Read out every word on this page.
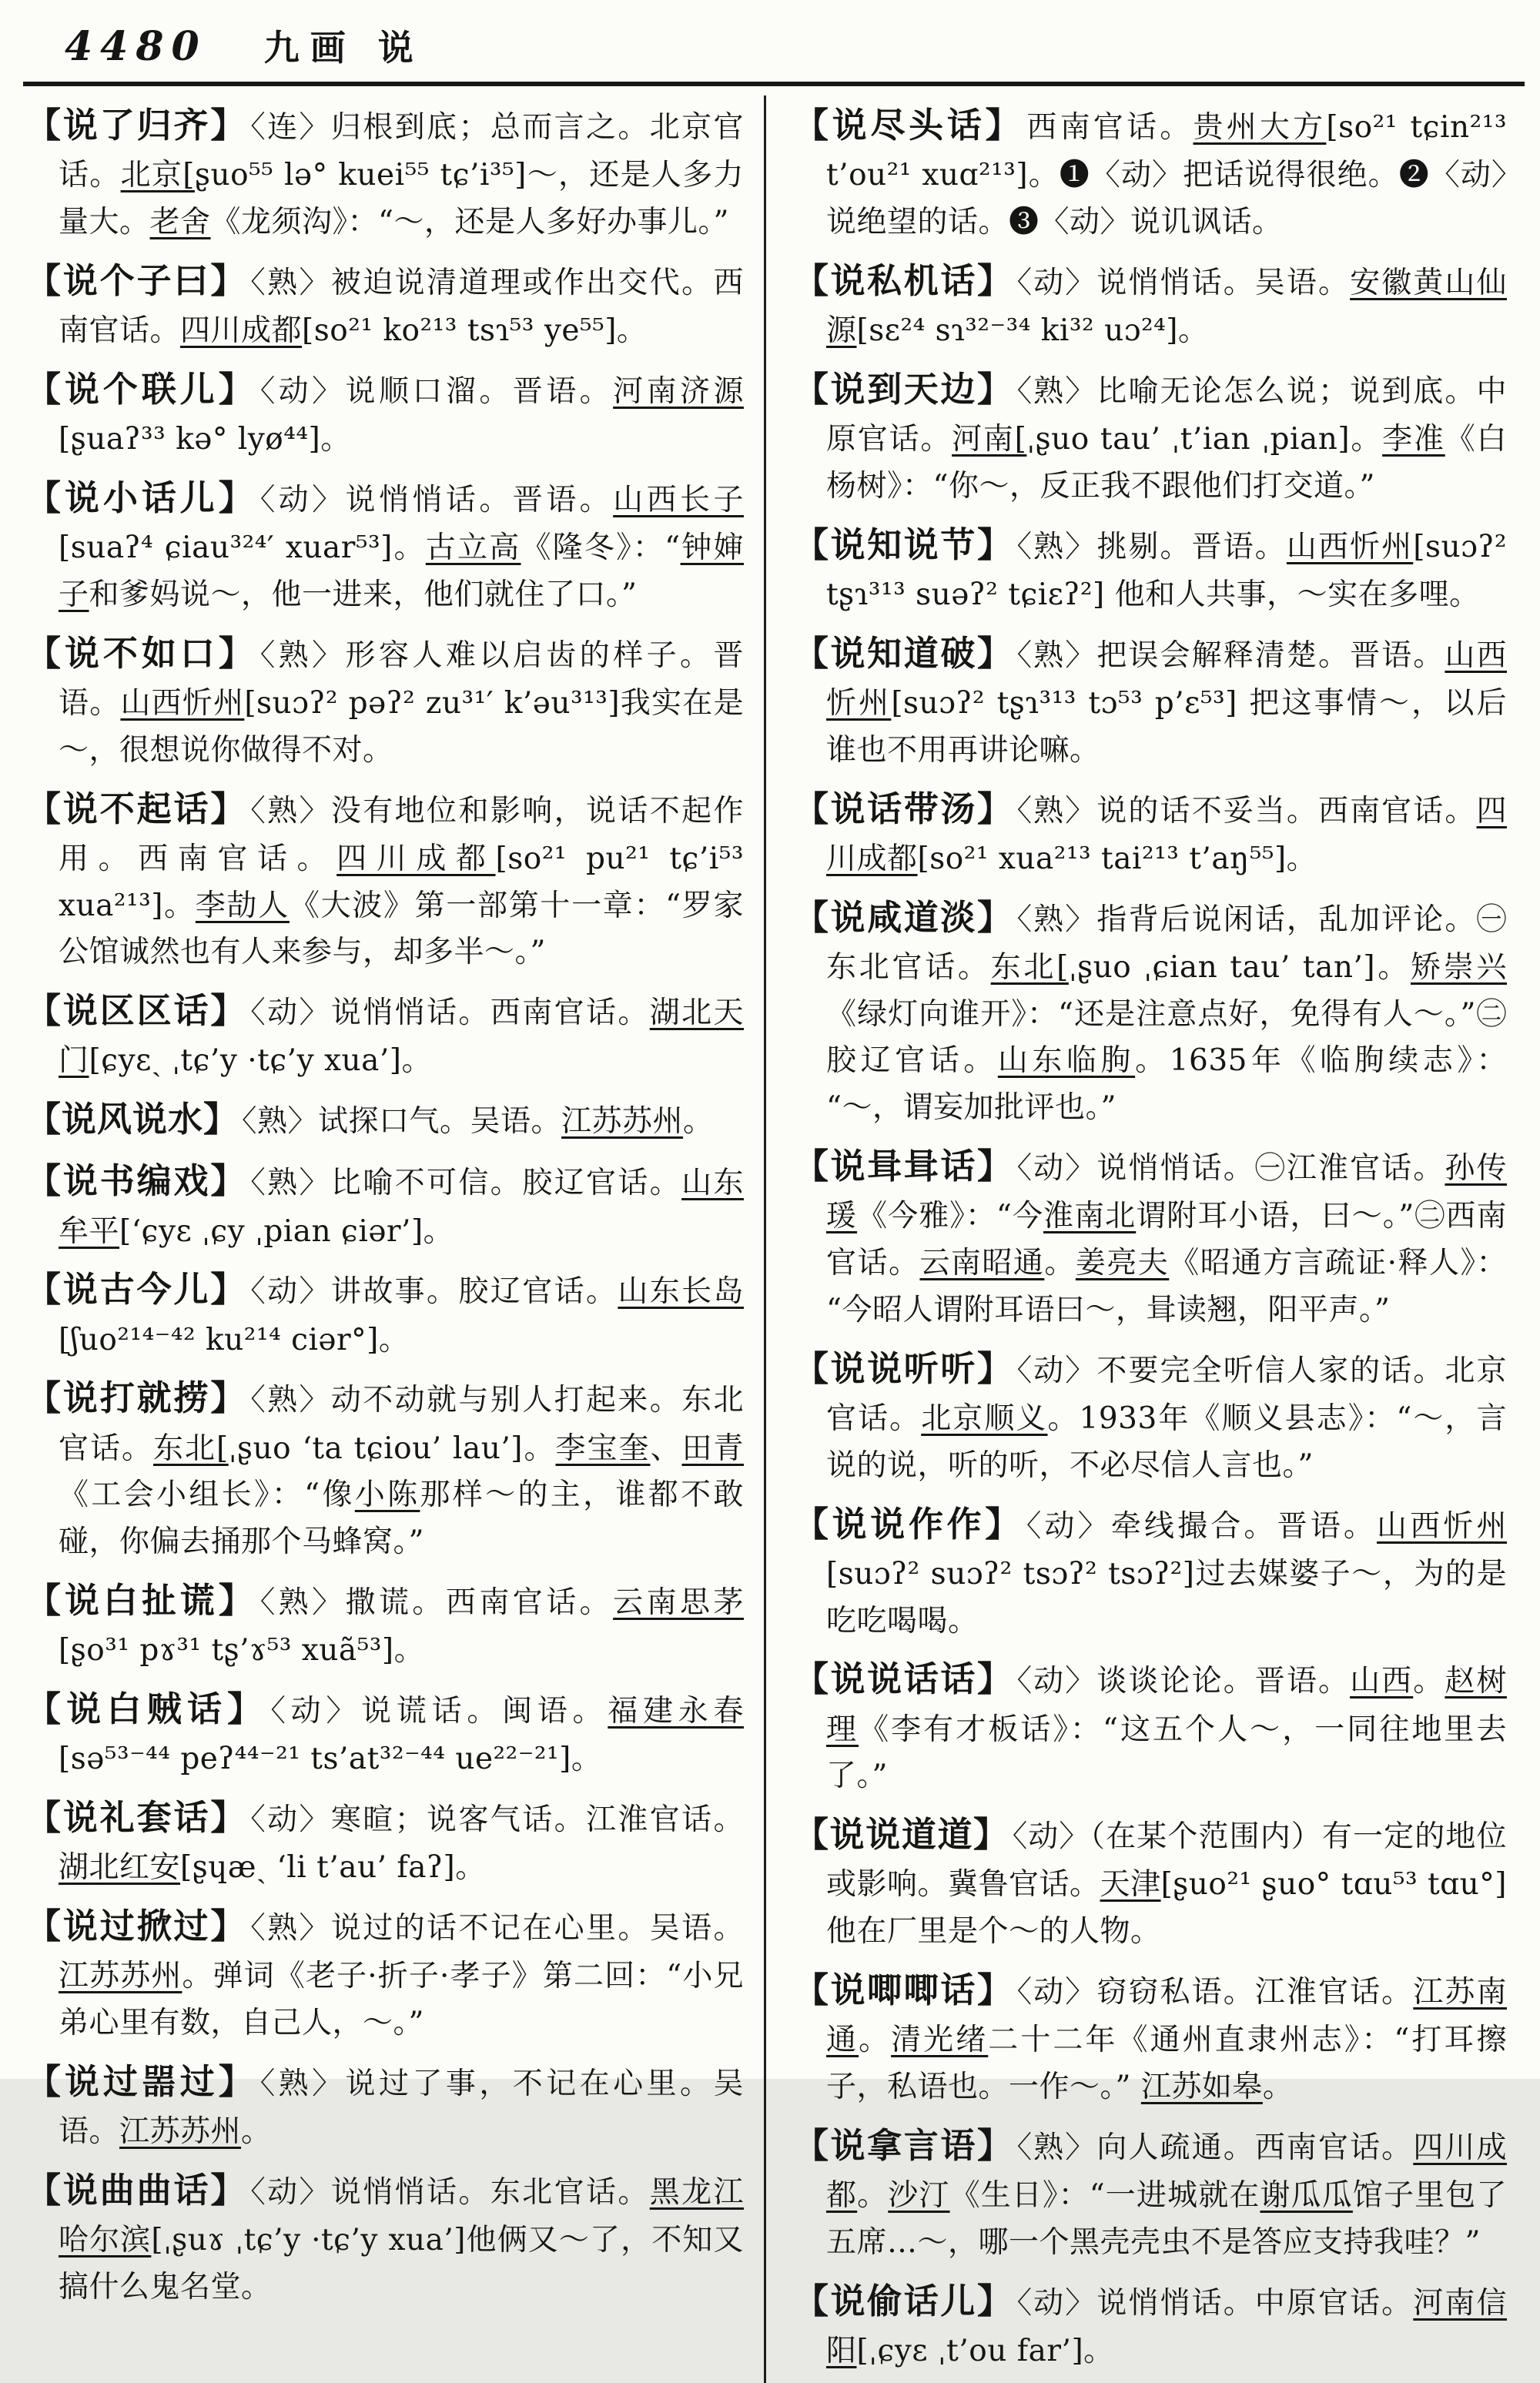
4480 九画 说

【说了归齐】 〈连〉归根到底；总而言之。北京官话。北京[ʂuo⁵⁵ lə° kuei⁵⁵ tɕ’i³⁵]～，还是人多力量大。老舍《龙须沟》：“～，还是人多好办事儿。”

【说个子曰】 〈熟〉被迫说清道理或作出交代。西南官话。四川成都[so²¹ ko²¹³ tsɿ⁵³ ye⁵⁵]。

【说个联儿】 〈动〉说顺口溜。晋语。河南济源[ʂuaʔ³³ kə° lyø⁴⁴]。

【说小话儿】 〈动〉说悄悄话。晋语。山西长子[suaʔ⁴ ɕiau³²⁴′ xuar⁵³]。古立高《隆冬》：“钟婶子和爹妈说～，他一进来，他们就住了口。”

【说不如口】 〈熟〉形容人难以启齿的样子。晋语。山西忻州[suɔʔ² pəʔ² zu³¹′ k’əu³¹³]我实在是～，很想说你做得不对。

【说不起话】 〈熟〉没有地位和影响，说话不起作用。西南官话。四川成都[so²¹ pu²¹ tɕ’i⁵³ xua²¹³]。李劼人《大波》第一部第十一章：“罗家公馆诚然也有人来参与，却多半～。”

【说区区话】 〈动〉说悄悄话。西南官话。湖北天门[ɕyɛˎ ˌtɕ’y ·tɕ’y xua’]。

【说风说水】 〈熟〉试探口气。吴语。江苏苏州。

【说书编戏】 〈熟〉比喻不可信。胶辽官话。山东牟平[ʻɕyɛ ˌɕy ˌpian ɕiər’]。

【说古今儿】 〈动〉讲故事。胶辽官话。山东长岛[ʃuo²¹⁴⁻⁴² ku²¹⁴ ciər°]。

【说打就捞】 〈熟〉动不动就与别人打起来。东北官话。东北[ˌʂuo ʻta tɕiou’ lau’]。李宝奎、田青《工会小组长》：“像小陈那样～的主，谁都不敢碰，你偏去捅那个马蜂窝。”

【说白扯谎】 〈熟〉撒谎。西南官话。云南思茅[ʂo³¹ pɤ³¹ tʂ’ɤ⁵³ xuã⁵³]。

【说白贼话】 〈动〉说谎话。闽语。福建永春[sə⁵³⁻⁴⁴ peʔ⁴⁴⁻²¹ ts’at³²⁻⁴⁴ ue²²⁻²¹]。

【说礼套话】 〈动〉寒暄；说客气话。江淮官话。湖北红安[ʂɥæˎ ʻli t’au’ faʔ]。

【说过掀过】 〈熟〉说过的话不记在心里。吴语。江苏苏州。弹词《老子·折子·孝子》第二回：“小兄弟心里有数，自己人，～。”

【说过噐过】 〈熟〉说过了事，不记在心里。吴语。江苏苏州。

【说曲曲话】 〈动〉说悄悄话。东北官话。黑龙江哈尔滨[ˌʂuɤ ˌtɕ’y ·tɕ’y xua’]他俩又～了，不知又搞什么鬼名堂。

【说尽头话】 西南官话。贵州大方[so²¹ tɕin²¹³ t’ou²¹ xuɑ²¹³]。❶〈动〉把话说得很绝。❷〈动〉说绝望的话。❸〈动〉说讥讽话。

【说私机话】 〈动〉说悄悄话。吴语。安徽黄山仙源[sɛ²⁴ sɿ³²⁻³⁴ ki³² uɔ²⁴]。

【说到天边】 〈熟〉比喻无论怎么说；说到底。中原官话。河南[ˌʂuo tau’ ˌt’ian ˌpian]。李准《白杨树》：“你～，反正我不跟他们打交道。”

【说知说节】 〈熟〉挑剔。晋语。山西忻州[suɔʔ² tʂɿ³¹³ suəʔ² tɕiɛʔ²] 他和人共事，～实在多哩。

【说知道破】 〈熟〉把误会解释清楚。晋语。山西忻州[suɔʔ² tʂɿ³¹³ tɔ⁵³ p’ɛ⁵³] 把这事情～，以后谁也不用再讲论嘛。

【说话带汤】 〈熟〉说的话不妥当。西南官话。四川成都[so²¹ xua²¹³ tai²¹³ t’aŋ⁵⁵]。

【说咸道淡】 〈熟〉指背后说闲话，乱加评论。㊀东北官话。东北[ˌʂuo ˌɕian tau’ tan’]。矫崇兴《绿灯向谁开》：“还是注意点好，免得有人～。”㊁胶辽官话。山东临朐。1635年《临朐续志》：“～，谓妄加批评也。”

【说咠咠话】 〈动〉说悄悄话。㊀江淮官话。孙传瑗《今雅》：“今淮南北谓附耳小语，曰～。”㊁西南官话。云南昭通。姜亮夫《昭通方言疏证·释人》：“今昭人谓附耳语曰～，咠读翘，阳平声。”

【说说听听】 〈动〉不要完全听信人家的话。北京官话。北京顺义。1933年《顺义县志》：“～，言说的说，听的听，不必尽信人言也。”

【说说作作】 〈动〉牵线撮合。晋语。山西忻州[suɔʔ² suɔʔ² tsɔʔ² tsɔʔ²]过去媒婆子～，为的是吃吃喝喝。

【说说话话】 〈动〉谈谈论论。晋语。山西。赵树理《李有才板话》：“这五个人～，一同往地里去了。”

【说说道道】 〈动〉（在某个范围内）有一定的地位或影响。冀鲁官话。天津[ʂuo²¹ ʂuo° tɑu⁵³ tɑu°]他在厂里是个～的人物。

【说唧唧话】 〈动〉窃窃私语。江淮官话。江苏南通。清光绪二十二年《通州直隶州志》：“打耳擦子，私语也。一作～。” 江苏如皋。

【说拿言语】 〈熟〉向人疏通。西南官话。四川成都。沙汀《生日》：“一进城就在谢瓜瓜馆子里包了五席…～，哪一个黑壳壳虫不是答应支持我哇？”

【说偷话儿】 〈动〉说悄悄话。中原官话。河南信阳[ˌɕyɛ ˌt’ou far’]。
